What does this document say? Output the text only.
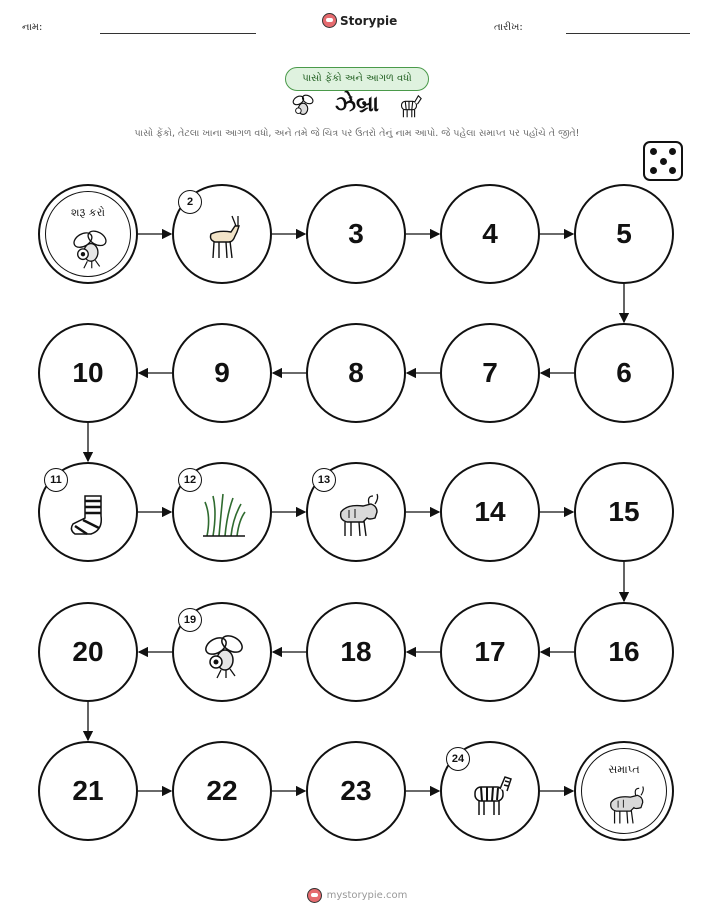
નામ:	Storypie	તારીખ:
પાસો ફેંકો અને આગળ વધો
ઝેબ્રા
પાસો ફેંકો, તેટલા ખાના આગળ વધો, અને તમે જે ચિત્ર પર ઉતરો તેનું નામ આપો. જે પહેલા સમાપ્ત પર પહોંચે તે જીતે!
શરૂ કરો
2
3	4	5
6
7
8
9
10
11	12	13
14	15
16
17
18
19
20
21	22	23
24
સમાપ્ત
mystorypie.com
